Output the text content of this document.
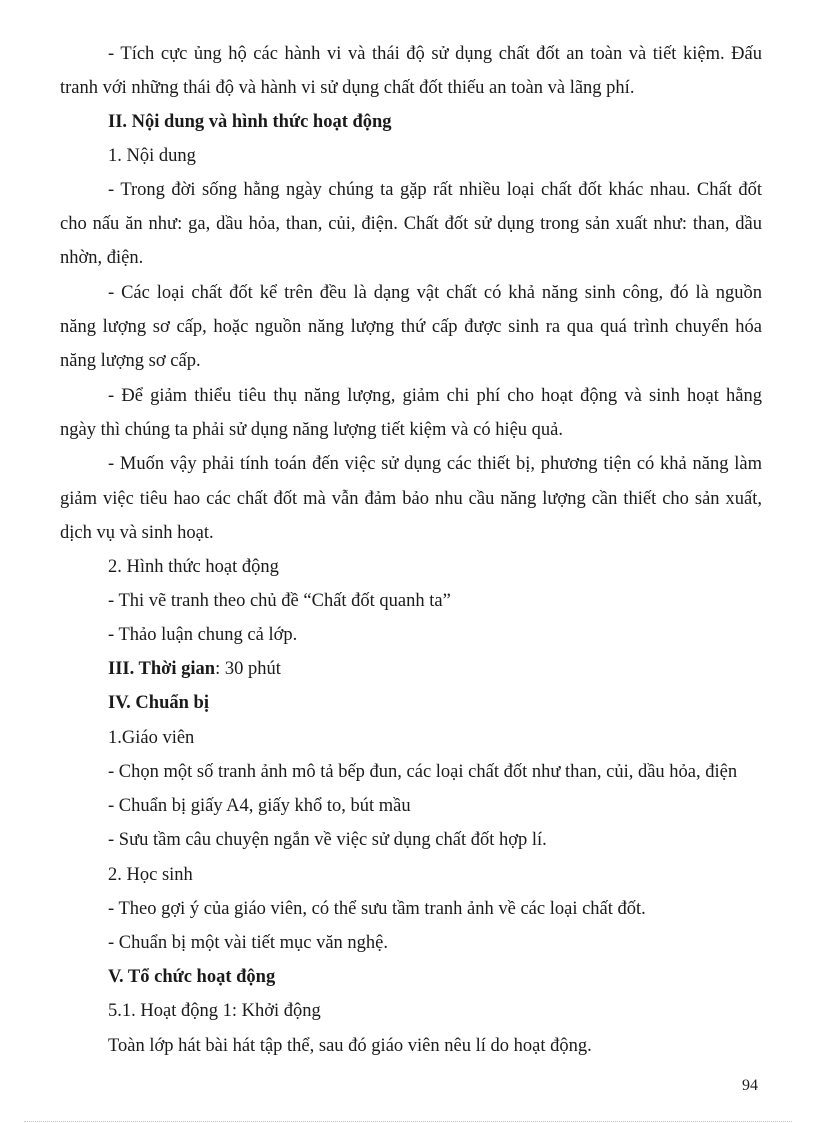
- Tích cực ủng hộ các hành vi và thái độ sử dụng chất đốt an toàn và tiết kiệm. Đấu
tranh với những thái độ và hành vi sử dụng chất đốt thiếu an toàn và lãng phí.
II. Nội dung và hình thức hoạt động
1. Nội dung
- Trong đời sống hằng ngày chúng ta gặp rất nhiều loại chất đốt khác nhau. Chất đốt
cho nấu ăn như: ga, dầu hỏa, than, củi, điện. Chất đốt sử dụng trong sản xuất như: than, dầu
nhờn, điện.
- Các loại chất đốt kể trên đều là dạng vật chất có khả năng sinh công, đó là nguồn
năng lượng sơ cấp, hoặc nguồn năng lượng thứ cấp được sinh ra qua quá trình chuyển hóa
năng lượng sơ cấp.
- Để giảm thiểu tiêu thụ năng lượng, giảm chi phí cho hoạt động và sinh hoạt hằng
ngày thì chúng ta phải sử dụng năng lượng tiết kiệm và có hiệu quả.
- Muốn vậy phải tính toán đến việc sử dụng các thiết bị, phương tiện có khả năng làm
giảm việc tiêu hao các chất đốt mà vẫn đảm bảo nhu cầu năng lượng cần thiết cho sản xuất,
dịch vụ và sinh hoạt.
2. Hình thức hoạt động
- Thi vẽ tranh theo chủ đề “Chất đốt quanh ta”
- Thảo luận chung cả lớp.
III. Thời gian: 30 phút
IV. Chuẩn bị
1.Giáo viên
- Chọn một số tranh ảnh mô tả bếp đun, các loại chất đốt như than, củi, dầu hỏa, điện
- Chuẩn bị giấy A4, giấy khổ to, bút mầu
- Sưu tầm câu chuyện ngắn về việc sử dụng chất đốt hợp lí.
2. Học sinh
- Theo gợi ý của giáo viên, có thể sưu tầm tranh ảnh về các loại chất đốt.
- Chuẩn bị một vài tiết mục văn nghệ.
V. Tổ chức hoạt động
5.1. Hoạt động 1: Khởi động
Toàn lớp hát bài hát tập thể, sau đó giáo viên nêu lí do hoạt động.
94
